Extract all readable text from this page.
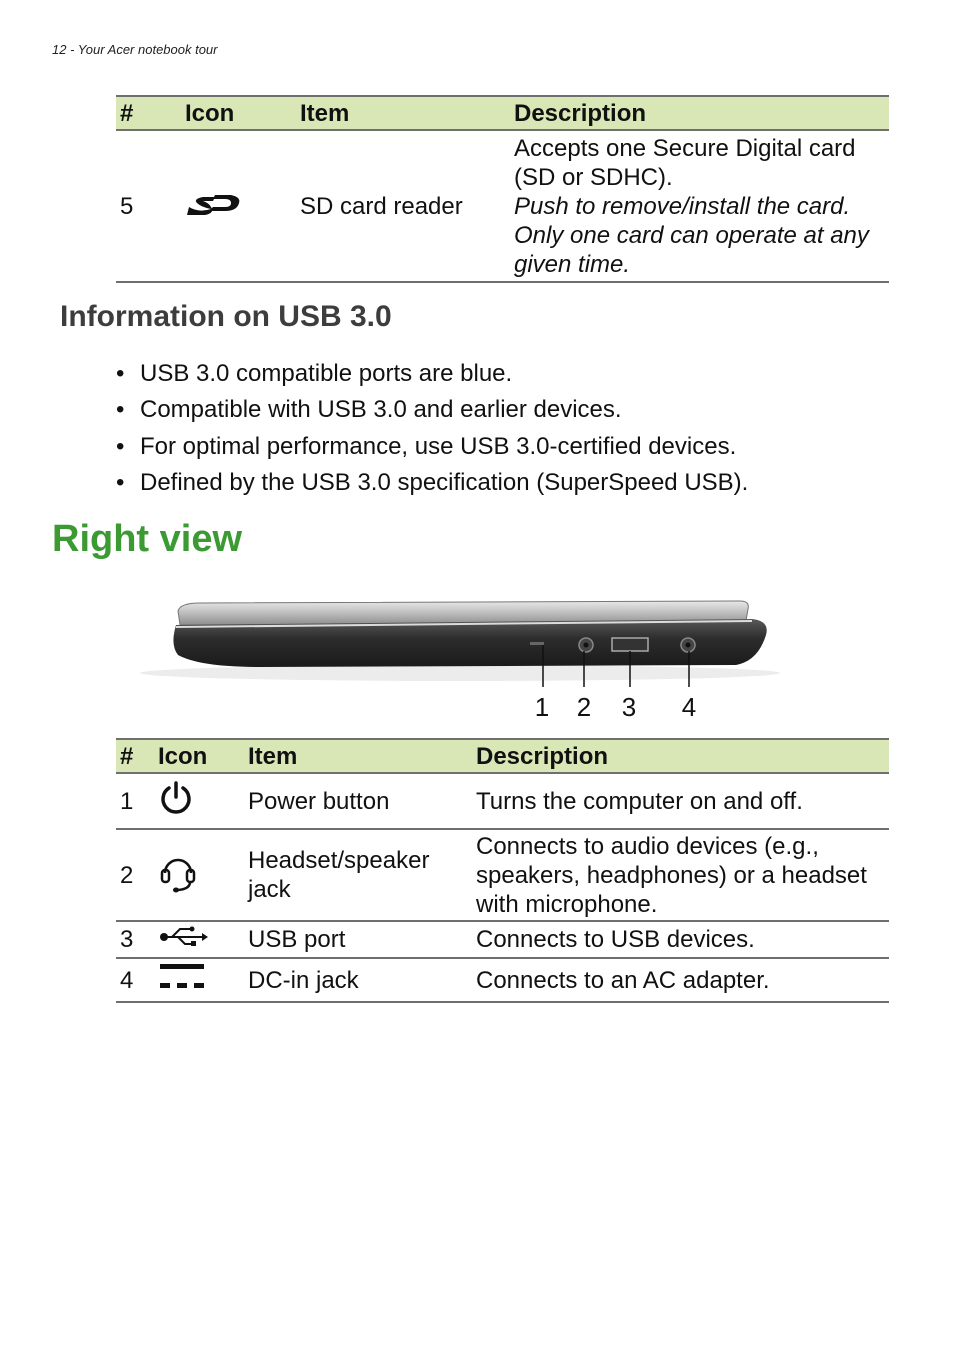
12 - Your Acer notebook tour
#	Icon	Item	Description
5		SD card reader	Accepts one Secure Digital card (SD or SDHC).
Push to remove/install the card. Only one card can operate at any given time.
Information on USB 3.0
• USB 3.0 compatible ports are blue.
• Compatible with USB 3.0 and earlier devices.
• For optimal performance, use USB 3.0-certified devices.
• Defined by the USB 3.0 specification (SuperSpeed USB).
Right view
1 2 3 4
#	Icon	Item	Description
1		Power button	Turns the computer on and off.
2		Headset/speaker jack	Connects to audio devices (e.g., speakers, headphones) or a headset with microphone.
3		USB port	Connects to USB devices.
4		DC-in jack	Connects to an AC adapter.
